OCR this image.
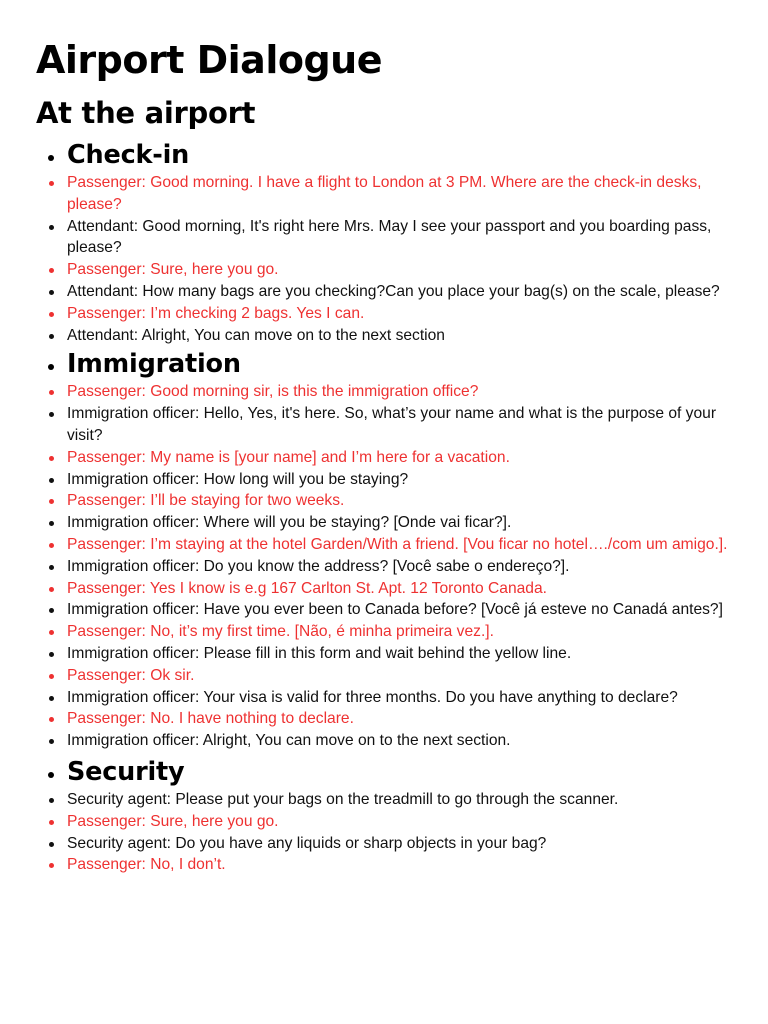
Airport Dialogue
At the airport
Check-in
Passenger: Good morning. I have a flight to London at 3 PM. Where are the check-in desks, please?
Attendant: Good morning, It's right here Mrs. May I see your passport and you boarding pass, please?
Passenger: Sure, here you go.
Attendant: How many bags are you checking?Can you place your bag(s) on the scale, please?
Passenger: I’m checking 2 bags. Yes I can.
Attendant: Alright, You can move on to the next section
Immigration
Passenger: Good morning sir, is this the immigration office?
Immigration officer: Hello, Yes, it's here. So, what’s your name and what is the purpose of your visit?
Passenger: My name is [your name] and I’m here for a vacation.
Immigration officer: How long will you be staying?
Passenger: I’ll be staying for two weeks.
Immigration officer: Where will you be staying? [Onde vai ficar?].
Passenger: I’m staying at the hotel Garden/With a friend. [Vou ficar no hotel…./com um amigo.].
Immigration officer: Do you know the address? [Você sabe o endereço?].
Passenger: Yes I know is e.g 167 Carlton St. Apt. 12 Toronto Canada.
Immigration officer: Have you ever been to Canada before? [Você já esteve no Canadá antes?]
Passenger: No, it’s my first time. [Não, é minha primeira vez.].
Immigration officer: Please fill in this form and wait behind the yellow line.
Passenger: Ok sir.
Immigration officer: Your visa is valid for three months. Do you have anything to declare?
Passenger: No. I have nothing to declare.
Immigration officer: Alright, You can move on to the next section.
Security
Security agent: Please put your bags on the treadmill to go through the scanner.
Passenger: Sure, here you go.
Security agent: Do you have any liquids or sharp objects in your bag?
Passenger: No, I don’t.
